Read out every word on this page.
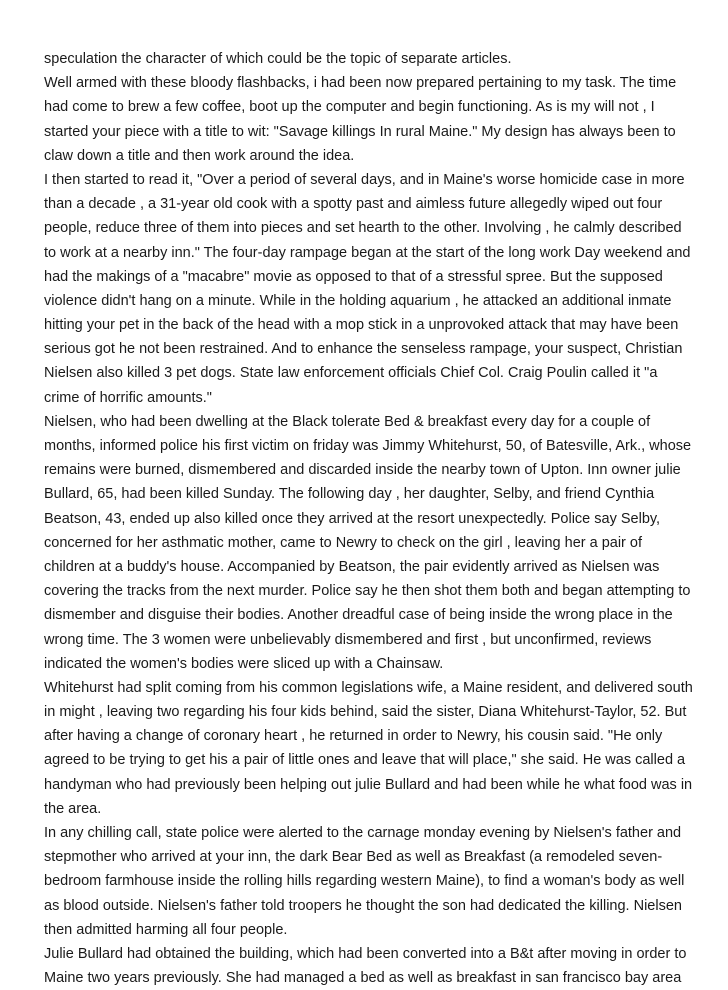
speculation the character of which could be the topic of separate articles.
Well armed with these bloody flashbacks, i had been now prepared pertaining to my task. The time
had come to brew a few coffee, boot up the computer and begin functioning. As is my will not , I
started your piece with a title to wit: "Savage killings In rural Maine." My design has always been to
claw down a title and then work around the idea.
I then started to read it, "Over a period of several days, and in Maine's worse homicide case in more
than a decade , a 31-year old cook with a spotty past and aimless future allegedly wiped out four
people, reduce three of them into pieces and set hearth to the other. Involving , he calmly described
to work at a nearby inn." The four-day rampage began at the start of the long work Day weekend and
had the makings of a "macabre" movie as opposed to that of a stressful spree. But the supposed
violence didn't hang on a minute. While in the holding aquarium , he attacked an additional inmate
hitting your pet in the back of the head with a mop stick in a unprovoked attack that may have been
serious got he not been restrained. And to enhance the senseless rampage, your suspect, Christian
Nielsen also killed 3 pet dogs. State law enforcement officials Chief Col. Craig Poulin called it "a
crime of horrific amounts."
Nielsen, who had been dwelling at the Black tolerate Bed & breakfast every day for a couple of
months, informed police his first victim on friday was Jimmy Whitehurst, 50, of Batesville, Ark., whose
remains were burned, dismembered and discarded inside the nearby town of Upton. Inn owner julie
Bullard, 65, had been killed Sunday. The following day , her daughter, Selby, and friend Cynthia
Beatson, 43, ended up also killed once they arrived at the resort unexpectedly. Police say Selby,
concerned for her asthmatic mother, came to Newry to check on the girl , leaving her a pair of
children at a buddy's house. Accompanied by Beatson, the pair evidently arrived as Nielsen was
covering the tracks from the next murder. Police say he then shot them both and began attempting to
dismember and disguise their bodies. Another dreadful case of being inside the wrong place in the
wrong time. The 3 women were unbelievably dismembered and first , but unconfirmed, reviews
indicated the women's bodies were sliced up with a Chainsaw.
Whitehurst had split coming from his common legislations wife, a Maine resident, and delivered south
in might , leaving two regarding his four kids behind, said the sister, Diana Whitehurst-Taylor, 52. But
after having a change of coronary heart , he returned in order to Newry, his cousin said. "He only
agreed to be trying to get his a pair of little ones and leave that will place," she said. He was called a
handyman who had previously been helping out julie Bullard and had been while he what food was in
the area.
In any chilling call, state police were alerted to the carnage monday evening by Nielsen's father and
stepmother who arrived at your inn, the dark Bear Bed as well as Breakfast (a remodeled seven-
bedroom farmhouse inside the rolling hills regarding western Maine), to find a woman's body as well
as blood outside. Nielsen's father told troopers he thought the son had dedicated the killing. Nielsen
then admitted harming all four people.
Julie Bullard had obtained the building, which had been converted into a B&t after moving in order to
Maine two years previously. She had managed a bed as well as breakfast in san francisco bay area
